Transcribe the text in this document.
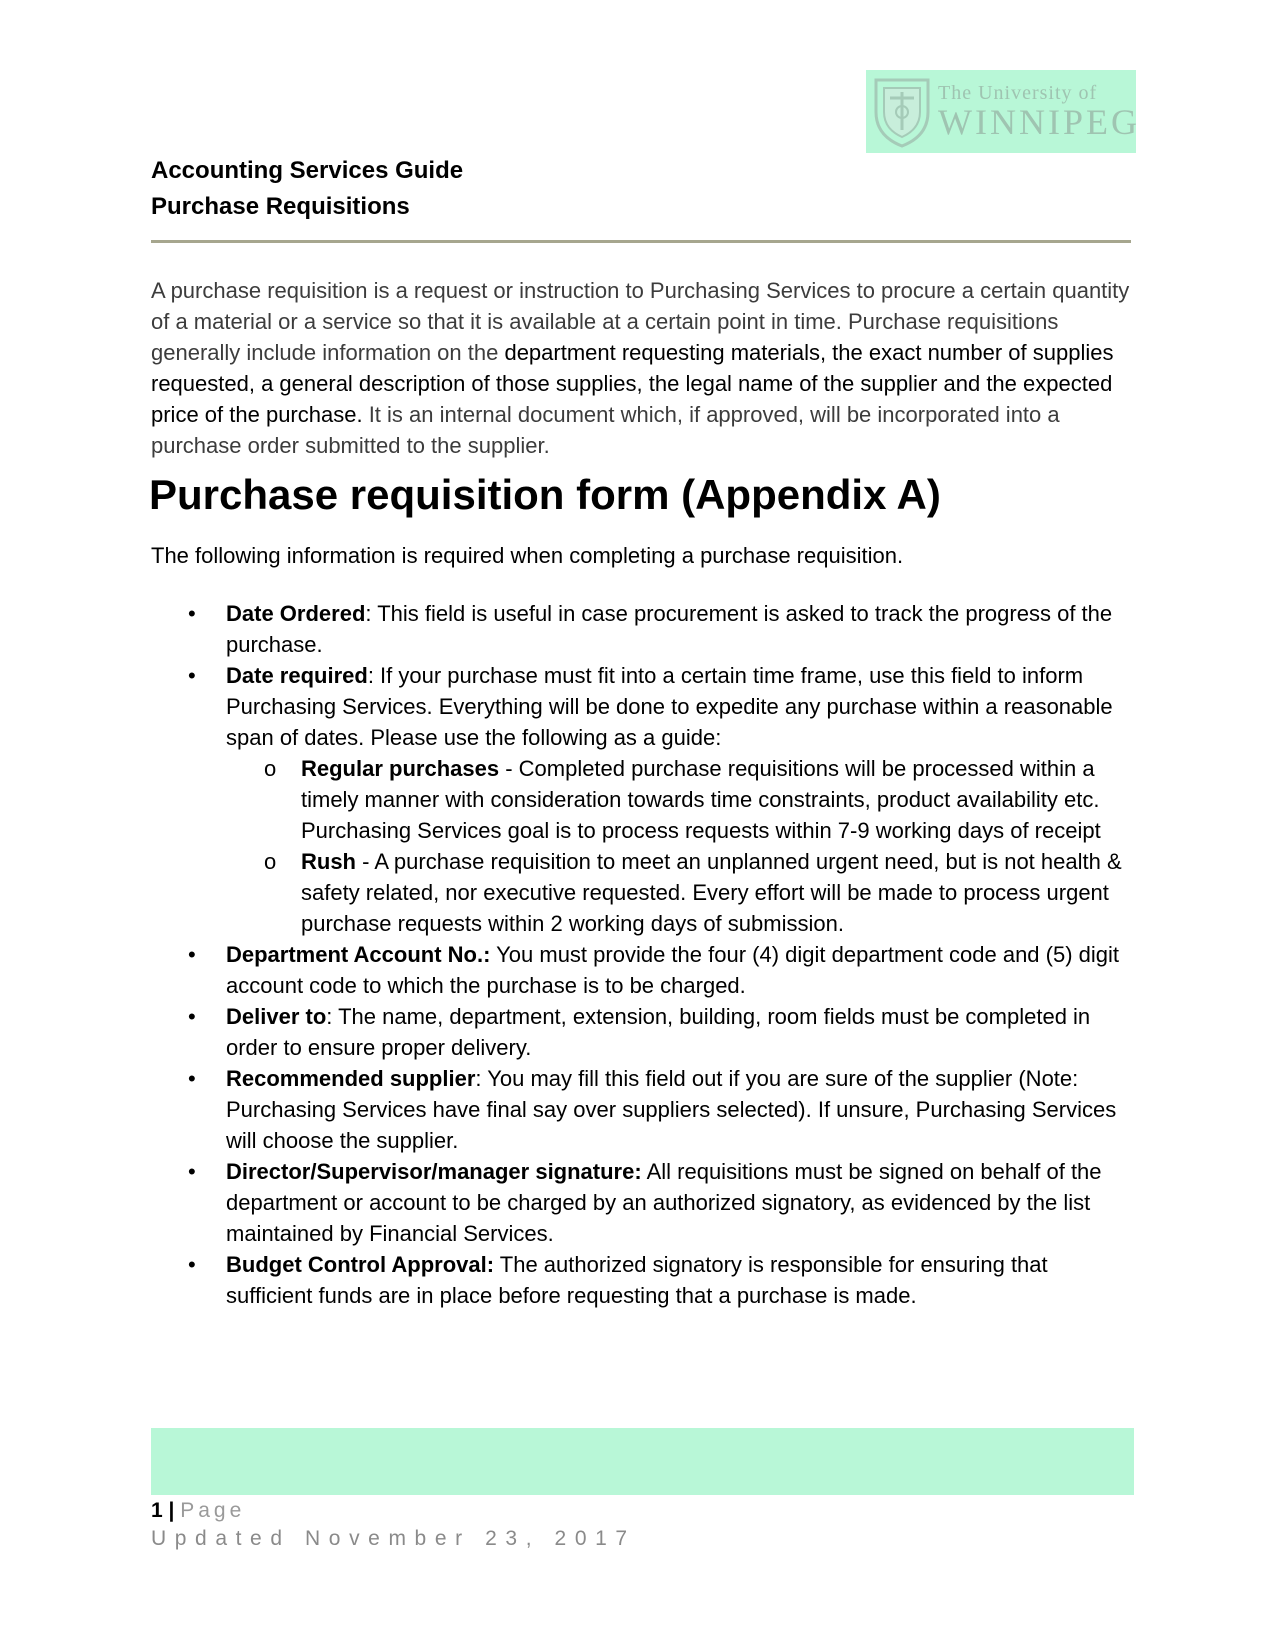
The University of
WINNIPEG
Accounting Services Guide
Purchase Requisitions

A purchase requisition is a request or instruction to Purchasing Services to procure a certain quantity of a material or a service so that it is available at a certain point in time. Purchase requisitions generally include information on the department requesting materials, the exact number of supplies requested, a general description of those supplies, the legal name of the supplier and the expected price of the purchase. It is an internal document which, if approved, will be incorporated into a purchase order submitted to the supplier.

Purchase requisition form (Appendix A)

The following information is required when completing a purchase requisition.

• Date Ordered: This field is useful in case procurement is asked to track the progress of the purchase.
• Date required: If your purchase must fit into a certain time frame, use this field to inform Purchasing Services. Everything will be done to expedite any purchase within a reasonable span of dates. Please use the following as a guide:
o Regular purchases - Completed purchase requisitions will be processed within a timely manner with consideration towards time constraints, product availability etc. Purchasing Services goal is to process requests within 7-9 working days of receipt
o Rush - A purchase requisition to meet an unplanned urgent need, but is not health & safety related, nor executive requested. Every effort will be made to process urgent purchase requests within 2 working days of submission.
• Department Account No.: You must provide the four (4) digit department code and (5) digit account code to which the purchase is to be charged.
• Deliver to: The name, department, extension, building, room fields must be completed in order to ensure proper delivery.
• Recommended supplier: You may fill this field out if you are sure of the supplier (Note: Purchasing Services have final say over suppliers selected). If unsure, Purchasing Services will choose the supplier.
• Director/Supervisor/manager signature: All requisitions must be signed on behalf of the department or account to be charged by an authorized signatory, as evidenced by the list maintained by Financial Services.
• Budget Control Approval: The authorized signatory is responsible for ensuring that sufficient funds are in place before requesting that a purchase is made.
1 | Page
Updated November 23, 2017
